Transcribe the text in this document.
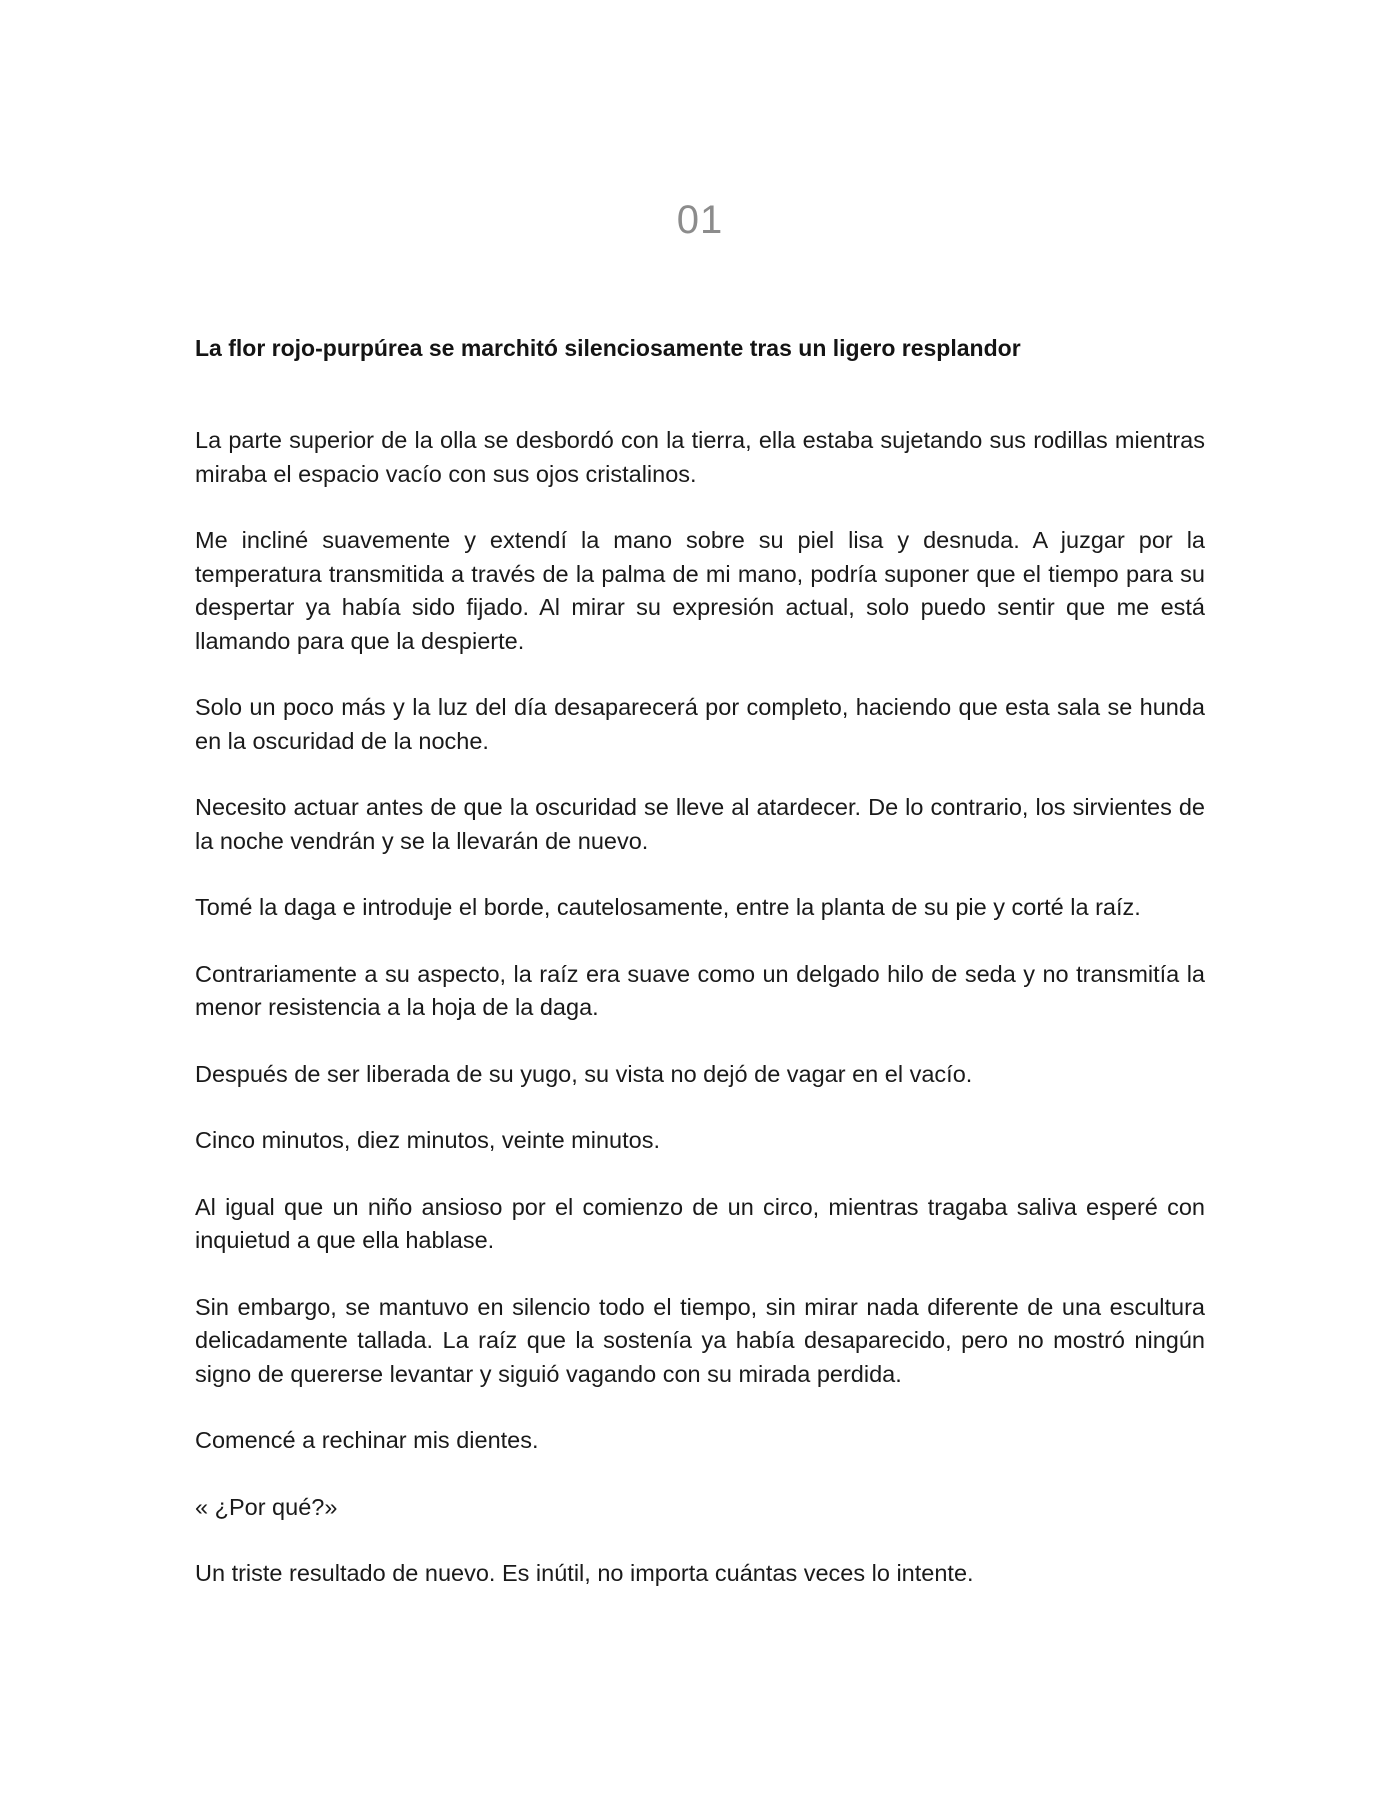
01
La flor rojo-purpúrea se marchitó silenciosamente tras un ligero resplandor

La parte superior de la olla se desbordó con la tierra, ella estaba sujetando sus rodillas mientras miraba el espacio vacío con sus ojos cristalinos.

Me incliné suavemente y extendí la mano sobre su piel lisa y desnuda. A juzgar por la temperatura transmitida a través de la palma de mi mano, podría suponer que el tiempo para su despertar ya había sido fijado. Al mirar su expresión actual, solo puedo sentir que me está llamando para que la despierte.

Solo un poco más y la luz del día desaparecerá por completo, haciendo que esta sala se hunda en la oscuridad de la noche.

Necesito actuar antes de que la oscuridad se lleve al atardecer. De lo contrario, los sirvientes de la noche vendrán y se la llevarán de nuevo.

Tomé la daga e introduje el borde, cautelosamente, entre la planta de su pie y corté la raíz.

Contrariamente a su aspecto, la raíz era suave como un delgado hilo de seda y no transmitía la menor resistencia a la hoja de la daga.

Después de ser liberada de su yugo, su vista no dejó de vagar en el vacío.

Cinco minutos, diez minutos, veinte minutos.

Al igual que un niño ansioso por el comienzo de un circo, mientras tragaba saliva esperé con inquietud a que ella hablase.

Sin embargo, se mantuvo en silencio todo el tiempo, sin mirar nada diferente de una escultura delicadamente tallada. La raíz que la sostenía ya había desaparecido, pero no mostró ningún signo de quererse levantar y siguió vagando con su mirada perdida.

Comencé a rechinar mis dientes.

« ¿Por qué?»

Un triste resultado de nuevo. Es inútil, no importa cuántas veces lo intente.
